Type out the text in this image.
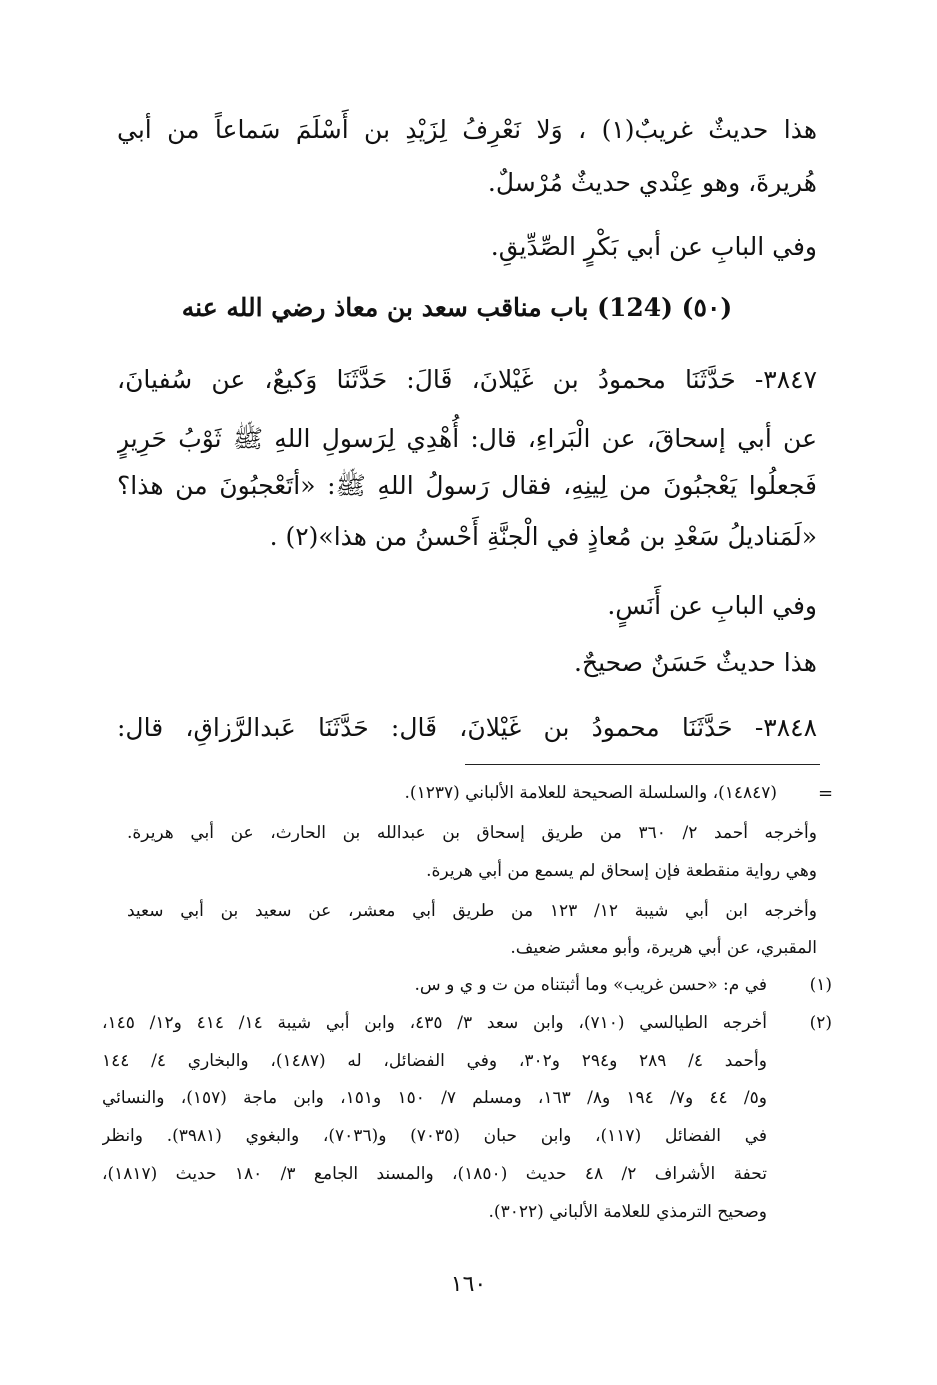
هذا حديثٌ غريبٌ(١) ، وَلا نَعْرِفُ لِزَيْدِ بن أَسْلَمَ سَماعاً من أبي
هُريرةَ، وهو عِنْدي حديثٌ مُرْسلٌ.
وفي البابِ عن أبي بَكْرٍ الصِّدِّيقِ.
(٥٠) (124) باب مناقب سعد بن معاذ رضي الله عنه
٣٨٤٧- حَدَّثَنَا محمودُ بن غَيْلانَ، قَالَ: حَدَّثَنَا وَكيعٌ، عن سُفيانَ،
عن أبي إسحاقَ، عن الْبَراءِ، قال: أُهْدِي لِرَسولِ اللهِ ﷺ ثَوْبُ حَرِيرٍ
فَجعلُوا يَعْجبُونَ من لِينِهِ، فقال رَسولُ اللهِ ﷺ: «أتَعْجبُونَ من هذا؟
«لَمَناديلُ سَعْدِ بن مُعاذٍ في الْجنَّةِ أَحْسنُ من هذا»(٢) .
وفي البابِ عن أَنَسٍ.
هذا حديثٌ حَسَنٌ صحيحٌ.
٣٨٤٨- حَدَّثَنَا محمودُ بن غَيْلانَ، قَال: حَدَّثَنَا عَبدالرَّزاقِ، قال:
=
(١٤٨٤٧)، والسلسلة الصحيحة للعلامة الألباني (١٢٣٧).
وأخرجه أحمد ٢/ ٣٦٠ من طريق إسحاق بن عبدالله بن الحارث، عن أبي هريرة.
وهي رواية منقطعة فإن إسحاق لم يسمع من أبي هريرة.
وأخرجه ابن أبي شيبة ١٢/ ١٢٣ من طريق أبي معشر، عن سعيد بن أبي سعيد
المقبري، عن أبي هريرة، وأبو معشر ضعيف.
(١)
في م: «حسن غريب» وما أثبتناه من ت و ي و س.
(٢)
أخرجه الطيالسي (٧١٠)، وابن سعد ٣/ ٤٣٥، وابن أبي شيبة ١٤/ ٤١٤ و١٢/ ١٤٥،
وأحمد ٤/ ٢٨٩ و٢٩٤ و٣٠٢، وفي الفضائل، له (١٤٨٧)، والبخاري ٤/ ١٤٤
و٥/ ٤٤ و٧/ ١٩٤ و٨/ ١٦٣، ومسلم ٧/ ١٥٠ و١٥١، وابن ماجة (١٥٧)، والنسائي
في الفضائل (١١٧)، وابن حبان (٧٠٣٥) و(٧٠٣٦)، والبغوي (٣٩٨١). وانظر
تحفة الأشراف ٢/ ٤٨ حديث (١٨٥٠)، والمسند الجامع ٣/ ١٨٠ حديث (١٨١٧)،
وصحيح الترمذي للعلامة الألباني (٣٠٢٢).
١٦٠
